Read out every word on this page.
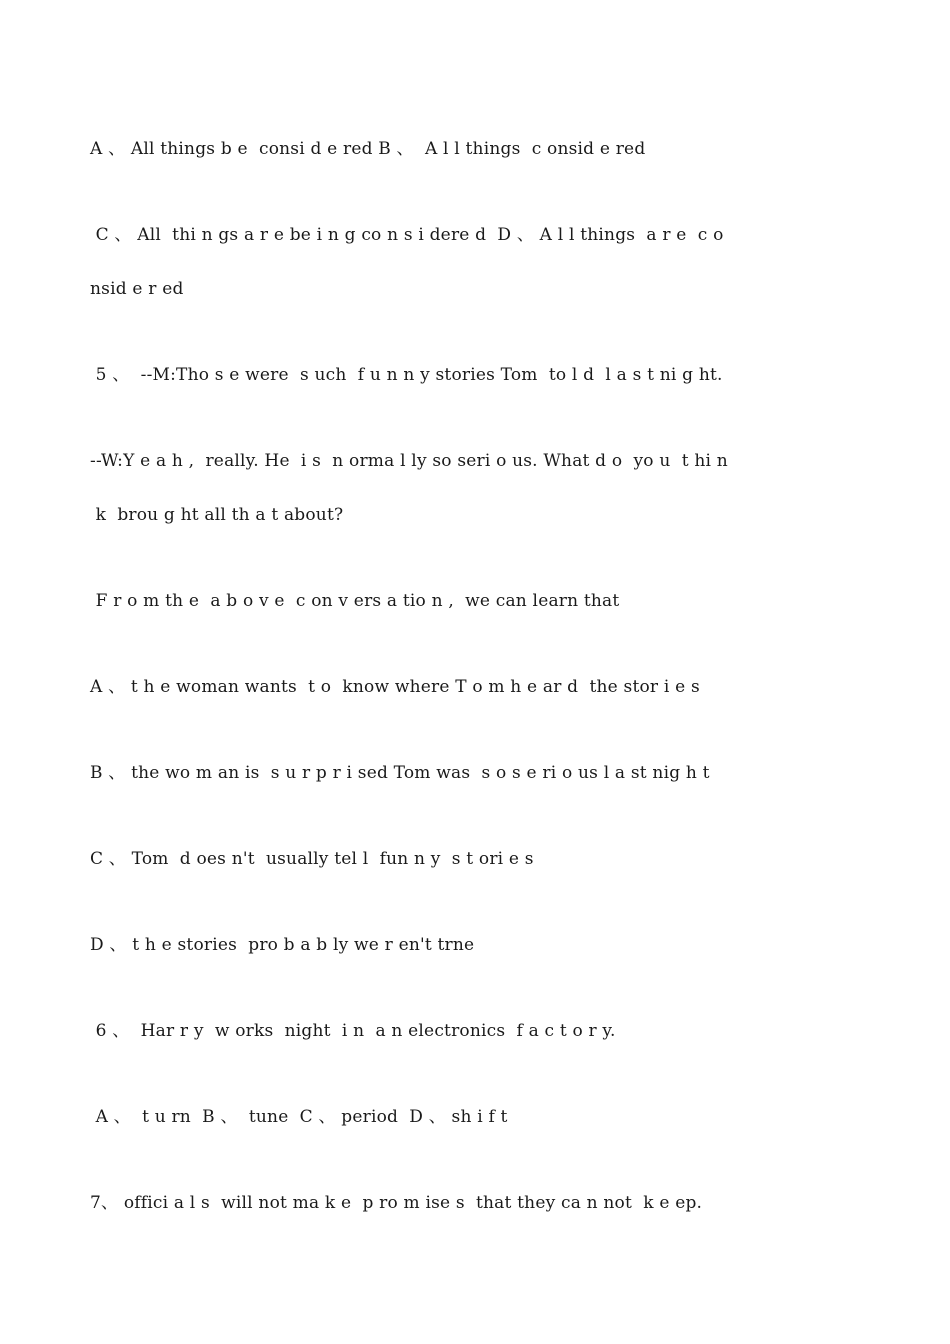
A 、 All things b e  consi d e red B 、  A l l things  c onsid e red
C 、 All  thi n gs a r e be i n g co n s i dere d  D 、 A l l things  a r e  c o
nsid e r ed
5 、  --M:Tho s e were  s uch  f u n n y stories Tom  to l d  l a s t ni g ht.
--W:Y e a h ,  really. He  i s  n orma l ly so seri o us. What d o  yo u  t hi n
k  brou g ht all th a t about?
F r o m th e  a b o v e  c on v ers a tio n ,  we can learn that
A 、 t h e woman wants  t o  know where T o m h e ar d  the stor i e s
B 、 the wo m an is  s u r p r i sed Tom was  s o s e ri o us l a st nig h t
C 、 Tom  d oes n't  usually tel l  fun n y  s t ori e s
D 、 t h e stories  pro b a b ly we r en't trne
6 、  Har r y  w orks  night  i n  a n electronics  f a c t o r y.
A 、  t u rn  B 、  tune  C 、 period  D 、 sh i f t
7、 offici a l s  will not ma k e  p ro m ise s  that they ca n not  k e ep.
